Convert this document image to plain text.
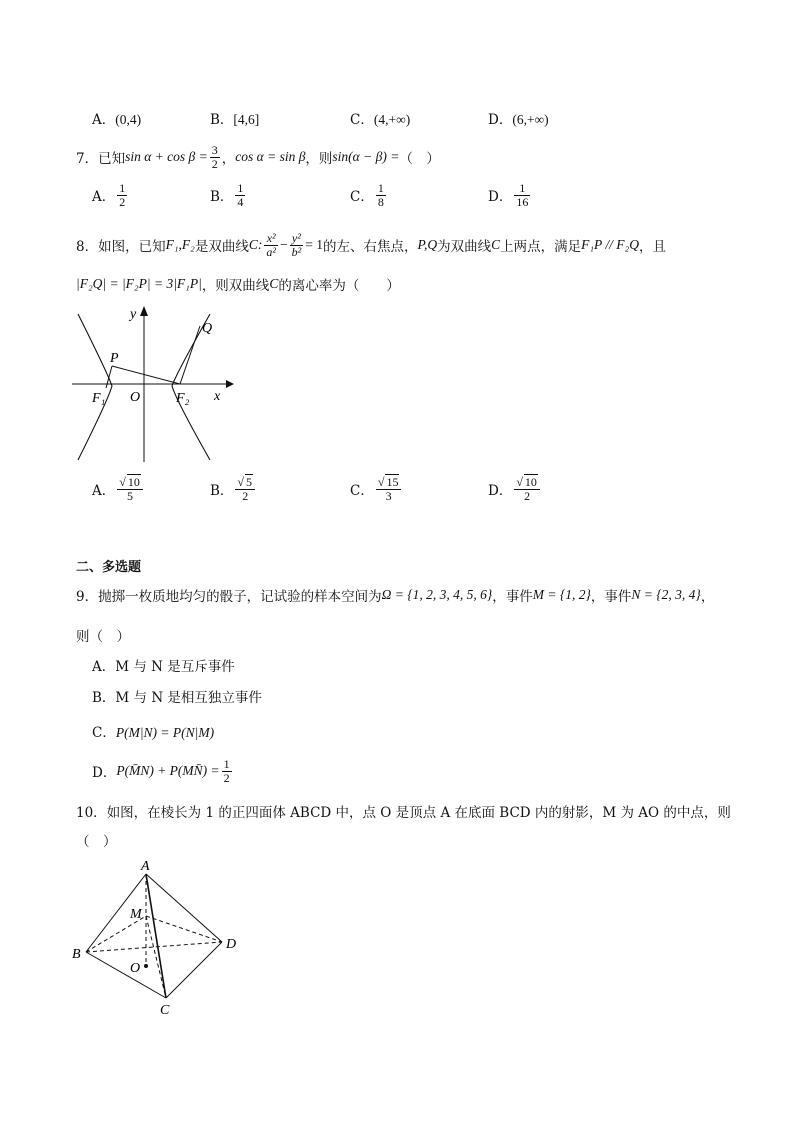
A．(0,4)	B．[4,6]	C．(4,+∞)	D．(6,+∞)
7． 已知 $\sin \alpha + \cos \beta = \frac{3}{2}$ ， cos α = sin β ，则 sin(α − β) = （　）
A． $\frac{1}{2}$	B． $\frac{1}{4}$	C． $\frac{1}{8}$	D． $\frac{1}{16}$
8． 如图，已知 F₁,F₂ 是双曲线 C: $\frac{\text{x²}}{\text{a²}} - \frac{\text{y²}}{\text{b²}} = 1$ 的左、右焦点， P,Q 为双曲线 C 上两点，满足 F₁P // F₂Q ，且
|F₂Q| = |F₂P| = 3|F₁P| ，则双曲线 C 的离心率为（　　）
y
x
O
P
Q
F₁	F₂
A． $\frac{√ 10}{5}$	B． $\frac{√ 5}{2}$	C． $\frac{√ 15}{3}$	D． $\frac{√ 10}{2}$
二、多选题
9． 抛掷一枚质地均匀的骰子，记试验的样本空间为 Ω = {1, 2, 3, 4, 5, 6} ，事件 M = {1, 2} ，事件 N = {2, 3, 4} ，
则（　）
A．M 与 N 是互斥事件
B．M 与 N 是相互独立事件
C．P(M|N) = P(N|M)
D． P(M̄N) + P(MN̄) = $\frac{1}{2}$
10． 如图，在棱长为 1 的正四面体 ABCD 中，点 O 是顶点 A 在底面 BCD 内的射影，M 为 AO 的中点，则
（　）
A
B
C
D
M
O
